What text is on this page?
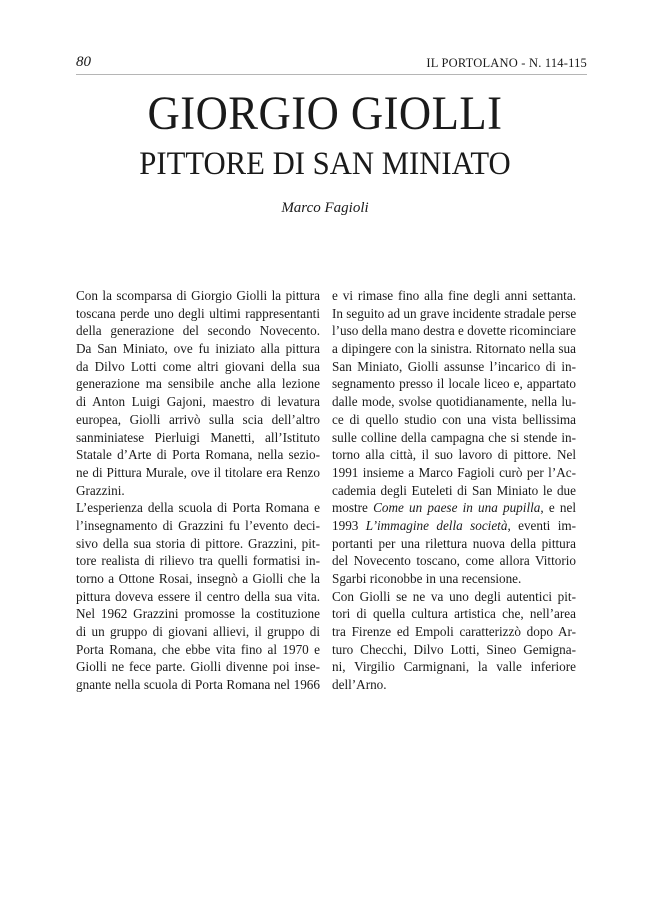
80	IL PORTOLANO - N. 114-115
GIORGIO GIOLLI
PITTORE DI SAN MINIATO
Marco Fagioli
Con la scomparsa di Giorgio Giolli la pittura
toscana perde uno degli ultimi rappresentanti
della generazione del secondo Novecento.
Da San Miniato, ove fu iniziato alla pittura
da Dilvo Lotti come altri giovani della sua
generazione ma sensibile anche alla lezione
di Anton Luigi Gajoni, maestro di levatura
europea, Giolli arrivò sulla scia dell’altro
sanminiatese Pierluigi Manetti, all’Istituto
Statale d’Arte di Porta Romana, nella sezio-
ne di Pittura Murale, ove il titolare era Renzo
Grazzini.
L’esperienza della scuola di Porta Romana e
l’insegnamento di Grazzini fu l’evento deci-
sivo della sua storia di pittore. Grazzini, pit-
tore realista di rilievo tra quelli formatisi in-
torno a Ottone Rosai, insegnò a Giolli che la
pittura doveva essere il centro della sua vita.
Nel 1962 Grazzini promosse la costituzione
di un gruppo di giovani allievi, il gruppo di
Porta Romana, che ebbe vita fino al 1970 e
Giolli ne fece parte. Giolli divenne poi inse-
gnante nella scuola di Porta Romana nel 1966
e vi rimase fino alla fine degli anni settanta.
In seguito ad un grave incidente stradale perse
l’uso della mano destra e dovette ricominciare
a dipingere con la sinistra. Ritornato nella sua
San Miniato, Giolli assunse l’incarico di in-
segnamento presso il locale liceo e, appartato
dalle mode, svolse quotidianamente, nella lu-
ce di quello studio con una vista bellissima
sulle colline della campagna che si stende in-
torno alla città, il suo lavoro di pittore. Nel
1991 insieme a Marco Fagioli curò per l’Ac-
cademia degli Euteleti di San Miniato le due
mostre Come un paese in una pupilla, e nel
1993 L’immagine della società, eventi im-
portanti per una rilettura nuova della pittura
del Novecento toscano, come allora Vittorio
Sgarbi riconobbe in una recensione.
Con Giolli se ne va uno degli autentici pit-
tori di quella cultura artistica che, nell’area
tra Firenze ed Empoli caratterizzò dopo Ar-
turo Checchi, Dilvo Lotti, Sineo Gemigna-
ni, Virgilio Carmignani, la valle inferiore
dell’Arno.
